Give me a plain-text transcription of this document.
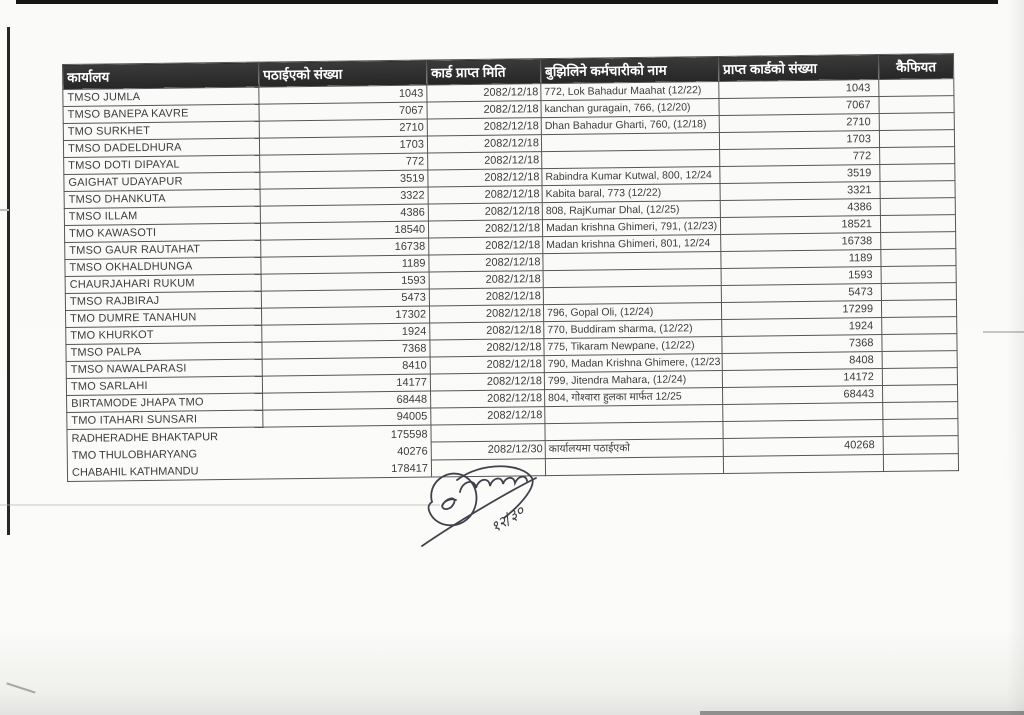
कार्यालय	पठाईएको संख्या	कार्ड प्राप्त मिति	बुझिलिने कर्मचारीको नाम	प्राप्त कार्डको संख्या	कैफियत
TMSO JUMLA	1043	2082/12/18	772, Lok Bahadur Maahat (12/22)	1043	
TMSO BANEPA KAVRE	7067	2082/12/18	kanchan guragain, 766, (12/20)	7067	
TMO SURKHET	2710	2082/12/18	Dhan Bahadur Gharti, 760, (12/18)	2710	
TMSO DADELDHURA	1703	2082/12/18		1703	
TMSO DOTI DIPAYAL	772	2082/12/18		772	
GAIGHAT UDAYAPUR	3519	2082/12/18	Rabindra Kumar Kutwal, 800, 12/24	3519	
TMSO DHANKUTA	3322	2082/12/18	Kabita baral, 773 (12/22)	3321	
TMSO ILLAM	4386	2082/12/18	808, RajKumar Dhal, (12/25)	4386	
TMO KAWASOTI	18540	2082/12/18	Madan krishna Ghimeri, 791, (12/23)	18521	
TMSO GAUR RAUTAHAT	16738	2082/12/18	Madan krishna Ghimeri, 801, 12/24	16738	
TMSO OKHALDHUNGA	1189	2082/12/18		1189	
CHAURJAHARI RUKUM	1593	2082/12/18		1593	
TMSO RAJBIRAJ	5473	2082/12/18		5473	
TMO DUMRE TANAHUN	17302	2082/12/18	796, Gopal Oli, (12/24)	17299	
TMO KHURKOT	1924	2082/12/18	770, Buddiram sharma, (12/22)	1924	
TMSO PALPA	7368	2082/12/18	775, Tikaram Newpane, (12/22)	7368	
TMSO NAWALPARASI	8410	2082/12/18	790, Madan Krishna Ghimere, (12/23	8408	
TMO SARLAHI	14177	2082/12/18	799, Jitendra Mahara, (12/24)	14172	
BIRTAMODE JHAPA TMO	68448	2082/12/18	804, गोश्वारा हुलका मार्फत 12/25	68443	
TMO ITAHARI SUNSARI	94005	2082/12/18			

RADHERADHE BHAKTAPUR	175598
TMO THULOBHARYANG	40276
CHABAHIL KATHMANDU	178417

		2082/12/30	कार्यालयमा पठाईएको	40268	

१२/३०
